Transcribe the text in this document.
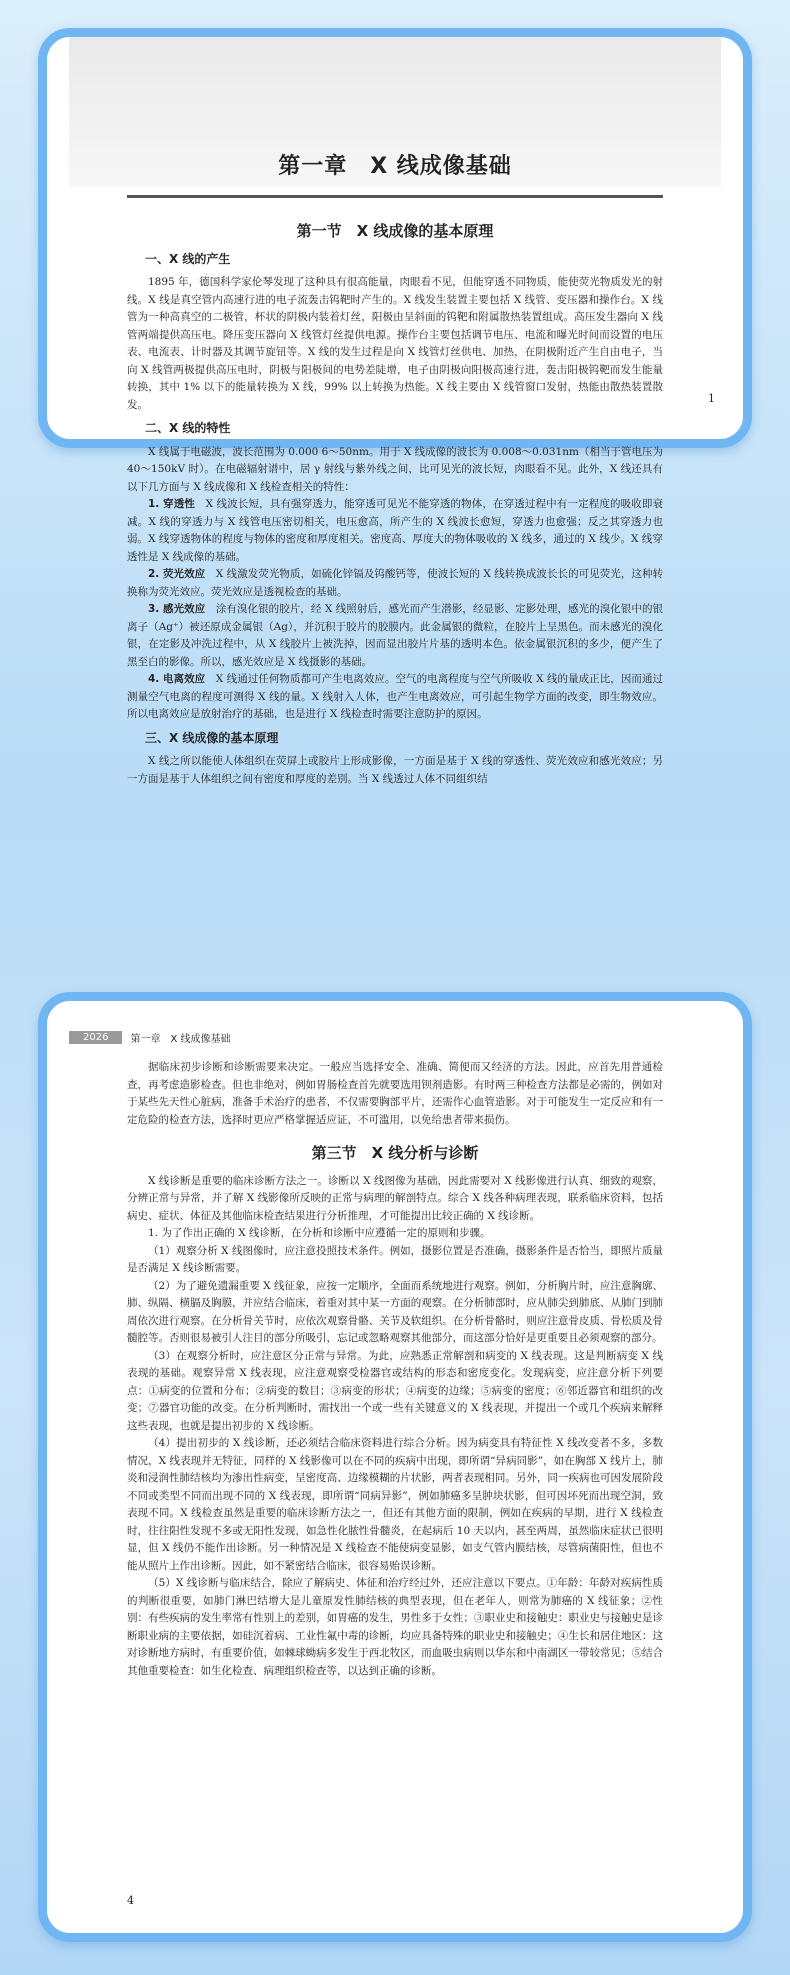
第一章　X 线成像基础
第一节　X 线成像的基本原理
一、X 线的产生

1895 年，德国科学家伦琴发现了这种具有很高能量，肉眼看不见，但能穿透不同物质，能使荧光物质发光的射线。X 线是真空管内高速行进的电子流轰击钨靶时产生的。X 线发生装置主要包括 X 线管、变压器和操作台。X 线管为一种高真空的二极管，杯状的阴极内装着灯丝，阳极由呈斜面的钨靶和附属散热装置组成。高压发生器向 X 线管两端提供高压电。降压变压器向 X 线管灯丝提供电源。操作台主要包括调节电压、电流和曝光时间而设置的电压表、电流表、计时器及其调节旋钮等。X 线的发生过程是向 X 线管灯丝供电、加热，在阴极附近产生自由电子，当向 X 线管两极提供高压电时，阴极与阳极间的电势差陡增，电子由阴极向阳极高速行进，轰击阳极钨靶而发生能量转换，其中 1% 以下的能量转换为 X 线，99% 以上转换为热能。X 线主要由 X 线管窗口发射，热能由散热装置散发。

二、X 线的特性

X 线属于电磁波，波长范围为 0.000 6～50nm。用于 X 线成像的波长为 0.008～0.031nm（相当于管电压为 40～150kV 时）。在电磁辐射谱中，居 γ 射线与紫外线之间，比可见光的波长短，肉眼看不见。此外，X 线还具有以下几方面与 X 线成像和 X 线检查相关的特性：

1. 穿透性　 X 线波长短，具有强穿透力，能穿透可见光不能穿透的物体，在穿透过程中有一定程度的吸收即衰减。X 线的穿透力与 X 线管电压密切相关，电压愈高，所产生的 X 线波长愈短，穿透力也愈强；反之其穿透力也弱。X 线穿透物体的程度与物体的密度和厚度相关。密度高、厚度大的物体吸收的 X 线多，通过的 X 线少。X 线穿透性是 X 线成像的基础。

2. 荧光效应　 X 线激发荧光物质，如硫化锌镉及钨酸钙等，使波长短的 X 线转换成波长长的可见荧光，这种转换称为荧光效应。荧光效应是透视检查的基础。

3. 感光效应　 涂有溴化银的胶片，经 X 线照射后，感光而产生潜影，经显影、定影处理，感光的溴化银中的银离子（Ag⁺）被还原成金属银（Ag），并沉积于胶片的胶膜内。此金属银的微粒，在胶片上呈黑色。而未感光的溴化银，在定影及冲洗过程中，从 X 线胶片上被洗掉，因而显出胶片片基的透明本色。依金属银沉积的多少，便产生了黑至白的影像。所以，感光效应是 X 线摄影的基础。

4. 电离效应　 X 线通过任何物质都可产生电离效应。空气的电离程度与空气所吸收 X 线的量成正比，因而通过测量空气电离的程度可测得 X 线的量。X 线射入人体，也产生电离效应，可引起生物学方面的改变，即生物效应。所以电离效应是放射治疗的基础，也是进行 X 线检查时需要注意防护的原因。

三、X 线成像的基本原理

X 线之所以能使人体组织在荧屏上或胶片上形成影像，一方面是基于 X 线的穿透性、荧光效应和感光效应；另一方面是基于人体组织之间有密度和厚度的差别。当 X 线透过人体不同组织结

1
2026	第一章　X 线成像基础

据临床初步诊断和诊断需要来决定。一般应当选择安全、准确、简便而又经济的方法。因此，应首先用普通检查，再考虑造影检查。但也非绝对，例如胃肠检查首先就要选用钡剂造影。有时两三种检查方法都是必需的，例如对于某些先天性心脏病，准备手术治疗的患者，不仅需要胸部平片，还需作心血管造影。对于可能发生一定反应和有一定危险的检查方法，选择时更应严格掌握适应证，不可滥用，以免给患者带来损伤。

第三节　X 线分析与诊断

X 线诊断是重要的临床诊断方法之一。诊断以 X 线图像为基础，因此需要对 X 线影像进行认真、细致的观察，分辨正常与异常，并了解 X 线影像所反映的正常与病理的解剖特点。综合 X 线各种病理表现，联系临床资料，包括病史、症状、体征及其他临床检查结果进行分析推理，才可能提出比较正确的 X 线诊断。

1. 为了作出正确的 X 线诊断，在分析和诊断中应遵循一定的原则和步骤。

（1）观察分析 X 线图像时，应注意投照技术条件。例如，摄影位置是否准确，摄影条件是否恰当，即照片质量是否满足 X 线诊断需要。

（2）为了避免遗漏重要 X 线征象，应按一定顺序，全面而系统地进行观察。例如，分析胸片时，应注意胸廓、肺、纵隔、横膈及胸膜，并应结合临床，着重对其中某一方面的观察。在分析肺部时，应从肺尖到肺底、从肺门到肺周依次进行观察。在分析骨关节时，应依次观察骨骼、关节及软组织。在分析骨骼时，则应注意骨皮质、骨松质及骨髓腔等。否则很易被引人注目的部分所吸引，忘记或忽略观察其他部分，而这部分恰好是更重要且必须观察的部分。

（3）在观察分析时，应注意区分正常与异常。为此，应熟悉正常解剖和病变的 X 线表现。这是判断病变 X 线表现的基础。观察异常 X 线表现，应注意观察受检器官或结构的形态和密度变化。发现病变，应注意分析下列要点：①病变的位置和分布；②病变的数目；③病变的形状；④病变的边缘；⑤病变的密度；⑥邻近器官和组织的改变；⑦器官功能的改变。在分析判断时，需找出一个或一些有关键意义的 X 线表现，并提出一个或几个疾病来解释这些表现，也就是提出初步的 X 线诊断。

（4）提出初步的 X 线诊断，还必须结合临床资料进行综合分析。因为病变具有特征性 X 线改变者不多，多数情况，X 线表现并无特征，同样的 X 线影像可以在不同的疾病中出现，即所谓“异病同影”，如在胸部 X 线片上，肺炎和浸润性肺结核均为渗出性病变，呈密度高、边缘模糊的片状影，两者表现相同。另外，同一疾病也可因发展阶段不同或类型不同而出现不同的 X 线表现，即所谓“同病异影”，例如肺癌多呈肿块状影，但可因坏死而出现空洞，致表现不同。X 线检查虽然是重要的临床诊断方法之一，但还有其他方面的限制，例如在疾病的早期，进行 X 线检查时，往往阳性发现不多或无阳性发现，如急性化脓性骨髓炎，在起病后 10 天以内，甚至两周，虽然临床症状已很明显，但 X 线仍不能作出诊断。另一种情况是 X 线检查不能使病变显影，如支气管内膜结核，尽管病菌阳性，但也不能从照片上作出诊断。因此，如不紧密结合临床，很容易贻误诊断。

（5）X 线诊断与临床结合，除应了解病史、体征和治疗经过外，还应注意以下要点。①年龄：年龄对疾病性质的判断很重要，如肺门淋巴结增大是儿童原发性肺结核的典型表现，但在老年人，则常为肺癌的 X 线征象；②性别：有些疾病的发生率常有性别上的差别，如胃癌的发生，男性多于女性；③职业史和接触史：职业史与接触史是诊断职业病的主要依据，如硅沉着病、工业性氟中毒的诊断，均应具备特殊的职业史和接触史；④生长和居住地区：这对诊断地方病时，有重要价值，如棘球蚴病多发生于西北牧区，而血吸虫病则以华东和中南湖区一带较常见；⑤结合其他重要检查：如生化检查、病理组织检查等，以达到正确的诊断。

4
